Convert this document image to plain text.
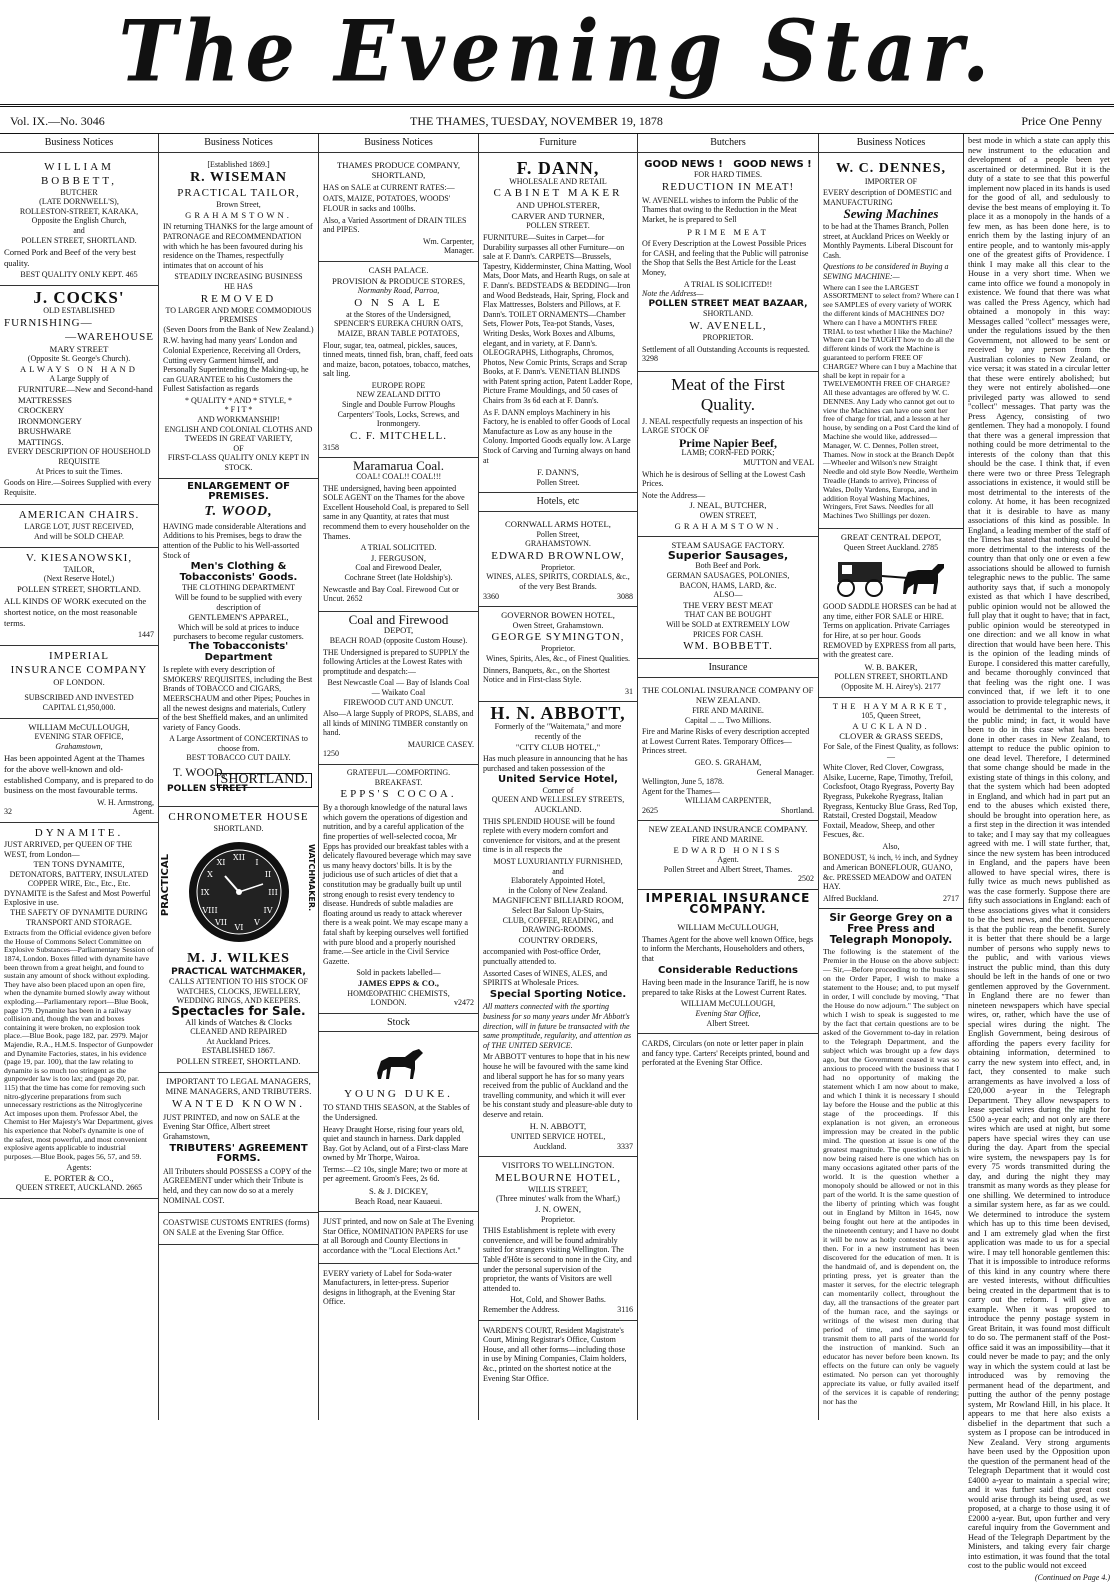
The Evening Star.
Vol. IX.—No. 3046	THE THAMES, TUESDAY, NOVEMBER 19, 1878	Price One Penny
Business Notices
WILLIAM BOBBETT,
BUTCHER
(LATE DORNWELL'S),
ROLLESTON-STREET, KARAKA,
Opposite the English Church,
and
POLLEN STREET, SHORTLAND.

Corned Pork and Beef of the very best quality.

BEST QUALITY ONLY KEPT. 465
J. COCKS'
OLD ESTABLISHED
FURNISHING—
—WAREHOUSE
MARY STREET
(Opposite St. George's Church).
ALWAYS ON HAND
A Large Supply of
FURNITURE—New and Second-hand
MATTRESSES
CROCKERY
IRONMONGERY
BRUSHWARE
MATTINGS.
EVERY DESCRIPTION OF HOUSEHOLD REQUISITE
At Prices to suit the Times.

Goods on Hire.—Soirees Supplied with every Requisite.

AMERICAN CHAIRS.
LARGE LOT, JUST RECEIVED,
And will be SOLD CHEAP.
V. KIESANOWSKI,
TAILOR,
(Next Reserve Hotel,)
POLLEN STREET, SHORTLAND.

ALL KINDS OF WORK executed on the shortest notice, on the most reasonable terms.

1447
IMPERIAL
INSURANCE COMPANY
OF LONDON.
SUBSCRIBED AND INVESTED
CAPITAL £1,950,000.
WILLIAM McCULLOUGH,
EVENING STAR OFFICE,
Grahamstown,

Has been appointed Agent at the Thames for the above well-known and old-established Company, and is prepared to do business on the most favourable terms.

W. H. Armstrong,
32	Agent.
DYNAMITE.
JUST ARRIVED, per QUEEN OF THE WEST, from London—
TEN TONS DYNAMITE,
DETONATORS, BATTERY, INSULATED COPPER WIRE, Etc., Etc., Etc.
DYNAMITE is the Safest and Most Powerful Explosive in use.
THE SAFETY OF DYNAMITE DURING TRANSPORT AND STORAGE.

Extracts from the Official evidence given before the House of Commons Select Committee on Explosive Substances—Parliamentary Session of 1874, London. Boxes filled with dynamite have been thrown from a great height, and found to sustain any amount of shock without exploding. They have also been placed upon an open fire, when the dynamite burned slowly away without exploding.—Parliamentary report—Blue Book, page 179. Dynamite has been in a railway collision and, though the van and boxes containing it were broken, no explosion took place.—Blue Book, page 182, par. 2979. Major Majendie, R.A., H.M.S. Inspector of Gunpowder and Dynamite Factories, states, in his evidence (page 19, par. 100), that the law relating to dynamite is so much too stringent as the gunpowder law is too lax; and (page 20, par. 115) that the time has come for removing such nitro-glycerine preparations from such unnecessary restrictions as the Nitroglycerine Act imposes upon them. Professor Abel, the Chemist to Her Majesty's War Department, gives his experience that Nobel's dynamite is one of the safest, most powerful, and most convenient explosive agents applicable to industrial purposes.—Blue Book, pages 56, 57, and 59.

Agents:
E. PORTER & CO.,
QUEEN STREET, AUCKLAND. 2665
Business Notices
[Established 1869.]
R. WISEMAN
PRACTICAL TAILOR,
Brown Street,
GRAHAMSTOWN.

IN returning THANKS for the large amount of PATRONAGE and RECOMMENDATION with which he has been favoured during his residence on the Thames, respectfully intimates that on account of his

STEADILY INCREASING BUSINESS
HE HAS
REMOVED
TO LARGER AND MORE COMMODIOUS PREMISES
(Seven Doors from the Bank of New Zealand.)

R.W. having had many years' London and Colonial Experience, Receiving all Orders, Cutting every Garment himself, and Personally Superintending the Making-up, he can GUARANTEE to his Customers the Fullest Satisfaction as regards

* QUALITY * AND * STYLE, *
* F I T *
AND WORKMANSHIP!
ENGLISH AND COLONIAL CLOTHS AND TWEEDS IN GREAT VARIETY,
OF
FIRST-CLASS QUALITY ONLY KEPT IN STOCK.
ENLARGEMENT OF PREMISES.
T. WOOD,

HAVING made considerable Alterations and Additions to his Premises, begs to draw the attention of the Public to his Well-assorted Stock of

Men's Clothing & Tobacconists' Goods.
THE CLOTHING DEPARTMENT
Will be found to be supplied with every description of
GENTLEMEN'S APPAREL,
Which will be sold at prices to induce purchasers to become regular customers.
The Tobacconists' Department

Is replete with every description of SMOKERS' REQUISITES, including the Best Brands of TOBACCO and CIGARS, MEERSCHAUM and other Pipes; Pouches in all the newest designs and materials, Cutlery of the best Sheffield makes, and an unlimited variety of Fancy Goods.

A Large Assortment of CONCERTINAS to choose from.
BEST TOBACCO CUT DAILY.
T. WOOD,
POLLEN STREET
SHORTLAND.
CHRONOMETER HOUSE
SHORTLAND.
PRACTICAL	WATCHMAKER.
XII
III
VI
IX
I
II
IV
V
VII
VIII
X
XI
M. J. WILKES
PRACTICAL WATCHMAKER,
CALLS ATTENTION TO HIS STOCK OF
WATCHES, CLOCKS, JEWELLERY, WEDDING RINGS, AND KEEPERS.
Spectacles for Sale.
All kinds of Watches & Clocks
CLEANED AND REPAIRED
At Auckland Prices.
ESTABLISHED 1867.
POLLEN STREET, SHORTLAND.
IMPORTANT TO LEGAL MANAGERS, MINE MANAGERS, AND TRIBUTERS.
WANTED KNOWN.

JUST PRINTED, and now on SALE at the Evening Star Office, Albert street Grahamstown,

TRIBUTERS' AGREEMENT FORMS.

All Tributers should POSSESS a COPY of the AGREEMENT under which their Tribute is held, and they can now do so at a merely NOMINAL COST.

COASTWISE CUSTOMS ENTRIES (forms) ON SALE at the Evening Star Office.

Business Notices
THAMES PRODUCE COMPANY, SHORTLAND,

HAS on SALE at CURRENT RATES:—

OATS, MAIZE, POTATOES, WOODS' FLOUR in sacks and 100lbs.

Also, a Varied Assortment of DRAIN TILES and PIPES.

Wm. Carpenter,
Manager.
CASH PALACE.
PROVISION & PRODUCE STORES,
Normanby Road, Parroa,
O N S A L E
at the Stores of the Undersigned,
SPENCER'S EUREKA CHURN OATS, MAIZE, BRAN TABLE POTATOES,

Flour, sugar, tea, oatmeal, pickles, sauces, tinned meats, tinned fish, bran, chaff, feed oats and maize, bacon, potatoes, tobacco, matches, salt ling.

EUROPE ROPE
NEW ZEALAND DITTO
Single and Double Furrow Ploughs
Carpenters' Tools, Locks, Screws, and Ironmongery.
C. F. MITCHELL.
3158
Maramarua Coal.
COAL! COAL!! COAL!!!

THE undersigned, having been appointed SOLE AGENT on the Thames for the above Excellent Household Coal, is prepared to Sell same in any Quantity, at rates that must recommend them to every householder on the Thames.

A TRIAL SOLICITED.
J. FERGUSON,
Coal and Firewood Dealer,
Cochrane Street (late Holdship's).

Newcastle and Bay Coal. Firewood Cut or Uncut. 2652

Coal and Firewood
DEPOT,
BEACH ROAD (opposite Custom House).

THE Undersigned is prepared to SUPPLY the following Articles at the Lowest Rates with promptitude and despatch:—

Best Newcastle Coal — Bay of Islands Coal — Waikato Coal
FIREWOOD CUT AND UNCUT.

Also—A large Supply of PROPS, SLABS, and all kinds of MINING TIMBER constantly on hand.

MAURICE CASEY.
1250
GRATEFUL—COMFORTING.
BREAKFAST.
EPPS'S COCOA.

By a thorough knowledge of the natural laws which govern the operations of digestion and nutrition, and by a careful application of the fine properties of well-selected cocoa, Mr Epps has provided our breakfast tables with a delicately flavoured beverage which may save us many heavy doctors' bills. It is by the judicious use of such articles of diet that a constitution may be gradually built up until strong enough to resist every tendency to disease. Hundreds of subtle maladies are floating around us ready to attack wherever there is a weak point. We may escape many a fatal shaft by keeping ourselves well fortified with pure blood and a properly nourished frame.—See article in the Civil Service Gazette.

Sold in packets labelled—
JAMES EPPS & CO.,
HOMŒOPATHIC CHEMISTS,
LONDON.	v2472
Stock
YOUNG DUKE.

TO STAND THIS SEASON, at the Stables of the Undersigned.

Heavy Draught Horse, rising four years old, quiet and staunch in harness. Dark dappled Bay. Got by Acland, out of a First-class Mare owned by Mr Thorpe, Wairoa.

Terms:—£2 10s, single Mare; two or more at per agreement. Groom's Fees, 2s 6d.

S. & J. DICKEY,
Beach Road, near Kauaeui.

JUST printed, and now on Sale at The Evening Star Office, NOMINATION PAPERS for use at all Borough and County Elections in accordance with the "Local Elections Act."

EVERY variety of Label for Soda-water Manufacturers, in letter-press. Superior designs in lithograph, at the Evening Star Office.

Furniture
F. DANN,
WHOLESALE AND RETAIL
CABINET MAKER
AND UPHOLSTERER,
CARVER AND TURNER,
POLLEN STREET.

FURNITURE—Suites in Carpet—for Durability surpasses all other Furniture—on sale at F. Dann's. CARPETS—Brussels, Tapestry, Kidderminster, China Matting, Wool Mats, Door Mats, and Hearth Rugs, on sale at F. Dann's. BEDSTEADS & BEDDING—Iron and Wood Bedsteads, Hair, Spring, Flock and Flax Mattresses, Bolsters and Pillows, at F. Dann's. TOILET ORNAMENTS—Chamber Sets, Flower Pots, Tea-pot Stands, Vases, Writing Desks, Work Boxes and Albums, elegant, and in variety, at F. Dann's. OLEOGRAPHS, Lithographs, Chromos, Photos, New Comic Prints, Scraps and Scrap Books, at F. Dann's. VENETIAN BLINDS with Patent spring action, Patent Ladder Rope, Picture Frame Mouldings, and 50 cases of Chairs from 3s 6d each at F. Dann's.

As F. DANN employs Machinery in his Factory, he is enabled to offer Goods of Local Manufacture as Low as any house in the Colony. Imported Goods equally low. A Large Stock of Carving and Turning always on hand at

F. DANN'S,
Pollen Street.
Hotels, etc
CORNWALL ARMS HOTEL,
Pollen Street,
GRAHAMSTOWN.
EDWARD BROWNLOW,
Proprietor.
WINES, ALES, SPIRITS, CORDIALS, &c., of the very Best Brands.
3360	3088
GOVERNOR BOWEN HOTEL,
Owen Street, Grahamstown.
GEORGE SYMINGTON,
Proprietor.
Wines, Spirits, Ales, &c., of Finest Qualities.

Dinners, Banquets, &c., on the Shortest Notice and in First-class Style.

31
H. N. ABBOTT,
Formerly of the "Waitemata," and more recently of the
"CITY CLUB HOTEL,"

Has much pleasure in announcing that he has purchased and taken possession of the

United Service Hotel,
Corner of
QUEEN AND WELLESLEY STREETS, AUCKLAND.

THIS SPLENDID HOUSE will be found replete with every modern comfort and convenience for visitors, and at the present time is in all respects the

MOST LUXURIANTLY FURNISHED,
and
Elaborately Appointed Hotel,
in the Colony of New Zealand.
MAGNIFICENT BILLIARD ROOM,
Select Bar Saloon Up-Stairs,
CLUB, COFFEE, READING, and DRAWING-ROOMS.
COUNTRY ORDERS,

accompanied with Post-office Order, punctually attended to.

Assorted Cases of WINES, ALES, and SPIRITS at Wholesale Prices.

Special Sporting Notice.

All matters connected with the sporting business for so many years under Mr Abbott's direction, will in future be transacted with the same promptitude, regularity, and attention as of THE UNITED SERVICE.

Mr ABBOTT ventures to hope that in his new house he will be favoured with the same kind and liberal support he has for so many years received from the public of Auckland and the travelling community, and which it will ever be his constant study and pleasure-able duty to deserve and retain.

H. N. ABBOTT,
UNITED SERVICE HOTEL,
Auckland.	3337
VISITORS TO WELLINGTON.
MELBOURNE HOTEL,
WILLIS STREET,
(Three minutes' walk from the Wharf,)
J. N. OWEN,
Proprietor.

THIS Establishment is replete with every convenience, and will be found admirably suited for strangers visiting Wellington. The Table d'Hôte is second to none in the City, and under the personal supervision of the proprietor, the wants of Visitors are well attended to.

Hot, Cold, and Shower Baths.
Remember the Address.	3116

WARDEN'S COURT, Resident Magistrate's Court, Mining Registrar's Office, Custom House, and all other forms—including those in use by Mining Companies, Claim holders, &c., printed on the shortest notice at the Evening Star Office.

Butchers
GOOD NEWS ! GOOD NEWS !
FOR HARD TIMES.
REDUCTION IN MEAT!

W. AVENELL wishes to inform the Public of the Thames that owing to the Reduction in the Meat Market, he is prepared to Sell

PRIME MEAT

Of Every Description at the Lowest Possible Prices for CASH, and feeling that the Public will patronise the Shop that Sells the Best Article for the Least Money,

A TRIAL IS SOLICITED!!
Note the Address—
POLLEN STREET MEAT BAZAAR,
SHORTLAND.
W. AVENELL,
PROPRIETOR.

Settlement of all Outstanding Accounts is requested. 3298

Meat of the First Quality.

J. NEAL respectfully requests an inspection of his LARGE STOCK OF

Prime Napier Beef,
LAMB; CORN-FED PORK;
MUTTON and VEAL

Which he is desirous of Selling at the Lowest Cash Prices.

Note the Address—
J. NEAL, BUTCHER,
OWEN STREET,
GRAHAMSTOWN.
STEAM SAUSAGE FACTORY.
Superior Sausages,
Both Beef and Pork.
GERMAN SAUSAGES, POLONIES,
BACON, HAMS, LARD, &c.
ALSO—
THE VERY BEST MEAT
THAT CAN BE BOUGHT
Will be SOLD at EXTREMELY LOW
PRICES FOR CASH.
WM. BOBBETT.
Insurance
THE COLONIAL INSURANCE COMPANY OF NEW ZEALAND.
FIRE AND MARINE.
Capital ... ... Two Millions.

Fire and Marine Risks of every description accepted at Lowest Current Rates. Temporary Offices—Princes street.

GEO. S. GRAHAM,
General Manager.
Wellington, June 5, 1878.
Agent for the Thames—
WILLIAM CARPENTER,
2625	Shortland.
NEW ZEALAND INSURANCE COMPANY.
FIRE AND MARINE.
EDWARD HONISS
Agent.
Pollen Street and Albert Street, Thames.
2502
IMPERIAL INSURANCE COMPANY.
WILLIAM McCULLOUGH,

Thames Agent for the above well known Office, begs to inform the Merchants, Householders and others, that

Considerable Reductions

Having been made in the Insurance Tariff, he is now prepared to take Risks at the Lowest Current Rates.

WILLIAM McCULLOUGH,
Evening Star Office,
Albert Street.

CARDS, Circulars (on note or letter paper in plain and fancy type. Carters' Receipts printed, bound and perforated at the Evening Star Office.

Business Notices
W. C. DENNES,
IMPORTER OF

EVERY description of DOMESTIC and MANUFACTURING

Sewing Machines

to be had at the Thames Branch, Pollen street, at Auckland Prices on Weekly or Monthly Payments. Liberal Discount for Cash.

Questions to be considered in Buying a SEWING MACHINE:—

Where can I see the LARGEST ASSORTMENT to select from? Where can I see SAMPLES of every variety of WORK the different kinds of MACHINES DO? Where can I have a MONTH'S FREE TRIAL to test whether I like the Machine? Where can I be TAUGHT how to do all the different kinds of work the Machine is guaranteed to perform FREE OF CHARGE? Where can I buy a Machine that shall be kept in repair for a TWELVEMONTH FREE OF CHARGE? All these advantages are offered by W. C. DENNES. Any Lady who cannot get out to view the Machines can have one sent her free of charge for trial, and a lesson at her house, by sending on a Post Card the kind of Machine she would like, addressed—Manager, W. C. Dennes, Pollen street, Thames. Now in stock at the Branch Depôt—Wheeler and Wilson's new Straight Needle and old style Bow Needle, Wertheim Treadle (Hands to arrive), Princess of Wales, Dolly Vardens, Europa, and in addition Royal Washing Machines, Wringers, Fret Saws. Needles for all Machines Two Shillings per dozen.

GREAT CENTRAL DEPOT,
Queen Street Auckland. 2785

GOOD SADDLE HORSES can be had at any time, either FOR SALE or HIRE. Terms on application. Private Carriages for Hire, at so per hour. Goods REMOVED by EXPRESS from all parts, with the greatest care.

W. B. BAKER,
POLLEN STREET, SHORTLAND
(Opposite M. H. Airey's). 2177
THE HAYMARKET,
105, Queen Street,
AUCKLAND.
CLOVER & GRASS SEEDS,
For Sale, of the Finest Quality, as follows:—

White Clover, Red Clover, Cowgrass, Alsike, Lucerne, Rape, Timothy, Trefoil, Cocksfoot, Otago Ryegrass, Poverty Bay Ryegrass, Pukekohe Ryegrass, Italian Ryegrass, Kentucky Blue Grass, Red Top, Ratstail, Crested Dogstail, Meadow Foxtail, Meadow, Sheep, and other Fescues, &c.

Also,

BONEDUST, ¼ inch, ½ inch, and Sydney and American BONEFLOUR, GUANO, &c. PRESSED MEADOW and OATEN HAY.

Alfred Buckland.	2717
Sir George Grey on a Free Press and Telegraph Monopoly.

The following is the statement of the Premier in the House on the above subject:— Sir,—Before proceeding to the business on the Order Paper, I wish to make a statement to the House; and, to put myself in order, I will conclude by moving, "That the House do now adjourn." The subject on which I wish to speak is suggested to me by the fact that certain questions are to be asked of the Government to-day in relation to the Telegraph Department, and the subject which was brought up a few days ago, but the Government ceased it was so anxious to proceed with the business that I had no opportunity of making the statement which I am now about to make, and which I think it is necessary I should lay before the House and the public at this stage of the proceedings. If this explanation is not given, an erroneous impression may be created in the public mind. The question at issue is one of the greatest magnitude. The question which is now being raised here is one which has on many occasions agitated other parts of the world. It is the question whether a monopoly should be allowed or not in this part of the world. It is the same question of the liberty of printing which was fought out in England by Milton in 1645, now being fought out here at the antipodes in the nineteenth century; and I have no doubt it will be now as hotly contested as it was then. For in a new instrument has been discovered for the education of men. It is the handmaid of, and is dependent on, the printing press, yet is greater than the master it serves, for the electric telegraph can momentarily collect, throughout the day, all the transactions of the greater part of the human race, and the sayings or writings of the wisest men during that period of time, and instantaneously transmit them to all parts of the world for the instruction of mankind. Such an educator has never before been known. Its effects on the future can only be vaguely estimated. No person can yet thoroughly appreciate its value, or fully availed itself of the services it is capable of rendering; nor has the

best mode in which a state can apply this new instrument to the education and development of a people been yet ascertained or determined. But it is the duty of a state to see that this powerful implement now placed in its hands is used for the good of all, and sedulously to devise the best means of employing it. To place it as a monopoly in the hands of a few men, as has been done here, is to enrich them by the lasting injury of an entire people, and to wantonly mis-apply one of the greatest gifts of Providence. I think I may make all this clear to the House in a very short time. When we came into office we found a monopoly in existence. We found that there was what was called the Press Agency, which had obtained a monopoly in this way: Messages called "collect" messages were, under the regulations issued by the then Government, not allowed to be sent or received by any person from the Australian colonies to New Zealand, or vice versa; it was stated in a circular letter that these were entirely abolished; but they were not entirely abolished—one privileged party was allowed to send "collect" messages. That party was the Press Agency, consisting of two gentlemen. They had a monopoly. I found that there was a general impression that nothing could be more detrimental to the interests of the colony than that this should be the case. I think that, if even there were two or three Press Telegraph associations in existence, it would still be most detrimental to the interests of the colony. At home, it has been recognized that it is desirable to have as many associations of this kind as possible. In England, a leading member of the staff of the Times has stated that nothing could be more detrimental to the interests of the country than that only one or even a few associations should be allowed to furnish telegraphic news to the public. The same authority says that, if such a monopoly existed as that which I have described, public opinion would not be allowed the full play that it ought to have; that in fact, public opinion would be stereotyped in one direction: and we all know in what direction that would have been here. This is the opinion of the leading minds of Europe. I considered this matter carefully, and became thoroughly convinced that that feeling was the right one. I was convinced that, if we left it to one association to provide telegraphic news, it would be detrimental to the interests of the public mind; in fact, it would have been to do in this case what has been done in other cases in New Zealand, to attempt to reduce the public opinion to one dead level. Therefore, I determined that some change should be made in the existing state of things in this colony, and that the system which had been adopted in England, and which had in part put an end to the abuses which existed there, should be brought into operation here, as a first step in the direction it was intended to take; and I may say that my colleagues agreed with me. I will state further, that, since the new system has been introduced in England, and the papers have been allowed to have special wires, there is fully twice as much news published as was the case formerly. Suppose there are fifty such associations in England: each of these associations gives what it considers to be the best news, and the consequence is that the public reap the benefit. Surely it is better that there should be a large number of persons who supply news to the public, and with various views instruct the public mind, than this duty should be left in the hands of one or two gentlemen approved by the Government. In England there are no fewer than nineteen newspapers which have special wires, or, rather, which have the use of special wires during the night. The English Government, being desirous of affording the papers every facility for obtaining information, determined to carry the new system into effect, and, in fact, they consented to make such arrangements as have involved a loss of £20,000 a-year in the Telegraph Department. They allow newspapers to lease special wires during the night for £500 a-year each; and not only are there wires which are used at night, but some papers have special wires they can use during the day. Apart from the special wire system, the newspapers pay 1s for every 75 words transmitted during the day, and during the night they may transmit as many words as they please for one shilling. We determined to introduce a similar system here, as far as we could. We determined to introduce the system which has up to this time been devised, and I am extremely glad when the first application was made to us for a special wire. I may tell honorable gentlemen this: That it is impossible to introduce reforms of this kind in any country where there are vested interests, without difficulties being created in the department that is to carry out the reform. I will give an example. When it was proposed to introduce the penny postage system in Great Britain, it was found most difficult to do so. The permanent staff of the Post-office said it was an impossibility—that it could never be made to pay; and the only way in which the system could at last be introduced was by removing the permanent head of the department, and putting the author of the penny postage system, Mr Rowland Hill, in his place. It appears to me that here also exists a disbelief in the department that such a system as I propose can be introduced in New Zealand. Very strong arguments have been used by the Opposition upon the question of the permanent head of the Telegraph Department that it would cost £4000 a-year to maintain a special wire; and it was further said that great cost would arise through its being used, as we proposed, at a charge to those using it of £2000 a-year. But, upon further and very careful inquiry from the Government and Head of the Telegraph Department by the Ministers, and taking every fair charge into estimation, it was found that the total cost to the public would not exceed

(Continued on Page 4.)
